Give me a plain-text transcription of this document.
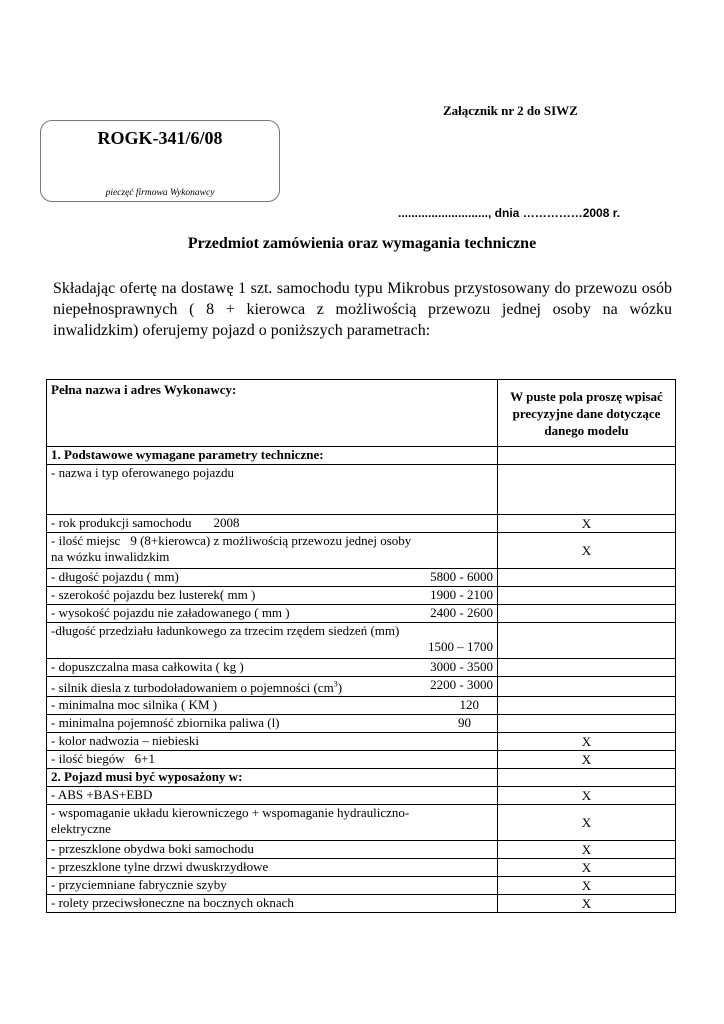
Załącznik nr 2 do SIWZ
ROGK-341/6/08
pieczęć firmowa Wykonawcy
..........................., dnia ……………2008 r.
Przedmiot zamówienia oraz wymagania techniczne
Składając ofertę na dostawę 1 szt. samochodu typu Mikrobus przystosowany do przewozu osób niepełnosprawnych ( 8 + kierowca z możliwością przewozu jednej osoby na wózku inwalidzkim) oferujemy pojazd o poniższych parametrach:
Pełna nazwa i adres Wykonawcy:	W puste pola proszę wpisać precyzyjne dane dotyczące danego modelu

1. Podstawowe wymagane parametry techniczne:	
- nazwa i typ oferowanego pojazdu	
- rok produkcji samochodu 2008	X
- ilość miejsc 9 (8+kierowca) z możliwością przewozu jednej osoby
na wózku inwalidzkim	X

- długość pojazdu ( mm) 5800 - 6000	

- szerokość pojazdu bez lusterek( mm ) 1900 - 2100	

- wysokość pojazdu nie załadowanego ( mm ) 2400 - 2600	

-długość przedziału ładunkowego za trzecim rzędem siedzeń (mm)

1500 – 1700	

- dopuszczalna masa całkowita ( kg ) 3000 - 3500	

- silnik diesla z turbodoładowaniem o pojemności $(cm^3)$ 2200 - 3000	

- minimalna moc silnika ( KM ) 120	

- minimalna pojemność zbiornika paliwa (l) 90	

- kolor nadwozia – niebieski	X
- ilość biegów 6+1	X
2. Pojazd musi być wyposażony w:	
- ABS +BAS+EBD	X

- wspomaganie układu kierowniczego + wspomaganie hydrauliczno-elektryczne	X
- przeszklone obydwa boki samochodu	X
- przeszklone tylne drzwi dwuskrzydłowe	X
- przyciemniane fabrycznie szyby	X
- rolety przeciwsłoneczne na bocznych oknach	X
